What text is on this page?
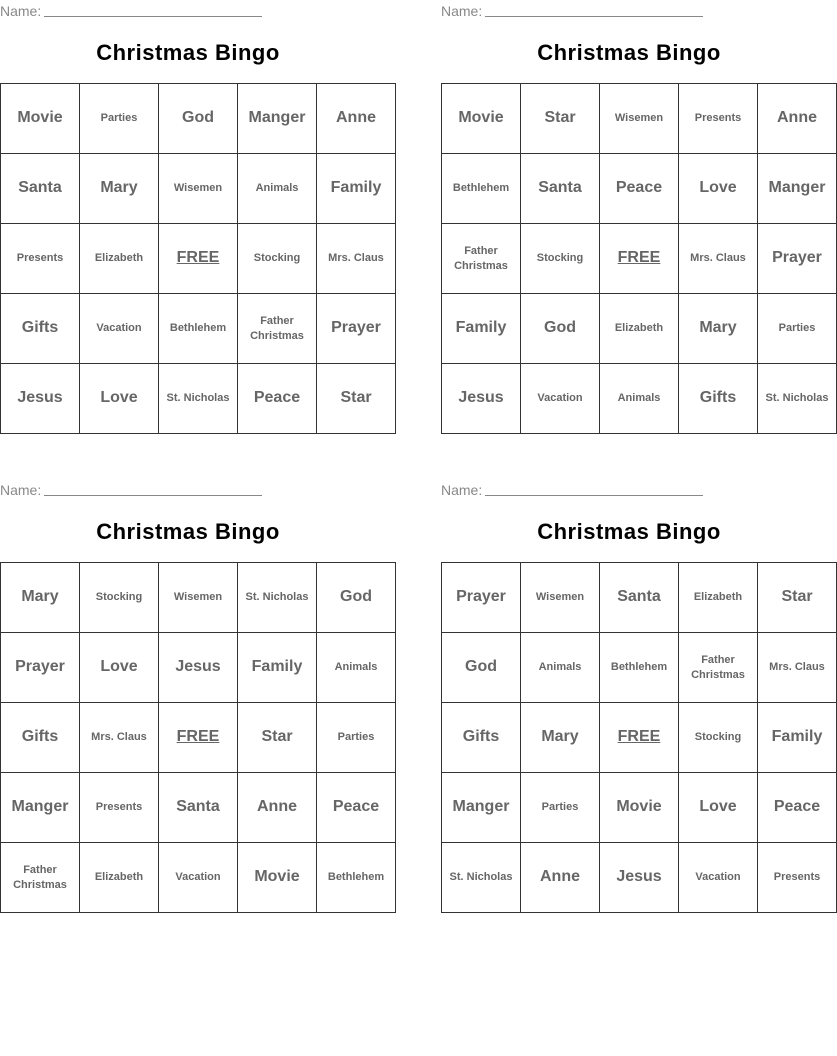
Name:
Christmas Bingo
Movie	Parties	God	Manger	Anne
Santa	Mary	Wisemen	Animals	Family
Presents	Elizabeth	FREE	Stocking	Mrs. Claus
Gifts	Vacation	Bethlehem	Father Christmas	Prayer
Jesus	Love	St. Nicholas	Peace	Star
Name:
Christmas Bingo
Movie	Star	Wisemen	Presents	Anne
Bethlehem	Santa	Peace	Love	Manger
Father Christmas	Stocking	FREE	Mrs. Claus	Prayer
Family	God	Elizabeth	Mary	Parties
Jesus	Vacation	Animals	Gifts	St. Nicholas
Name:
Christmas Bingo
Mary	Stocking	Wisemen	St. Nicholas	God
Prayer	Love	Jesus	Family	Animals
Gifts	Mrs. Claus	FREE	Star	Parties
Manger	Presents	Santa	Anne	Peace
Father Christmas	Elizabeth	Vacation	Movie	Bethlehem
Name:
Christmas Bingo
Prayer	Wisemen	Santa	Elizabeth	Star
God	Animals	Bethlehem	Father Christmas	Mrs. Claus
Gifts	Mary	FREE	Stocking	Family
Manger	Parties	Movie	Love	Peace
St. Nicholas	Anne	Jesus	Vacation	Presents
